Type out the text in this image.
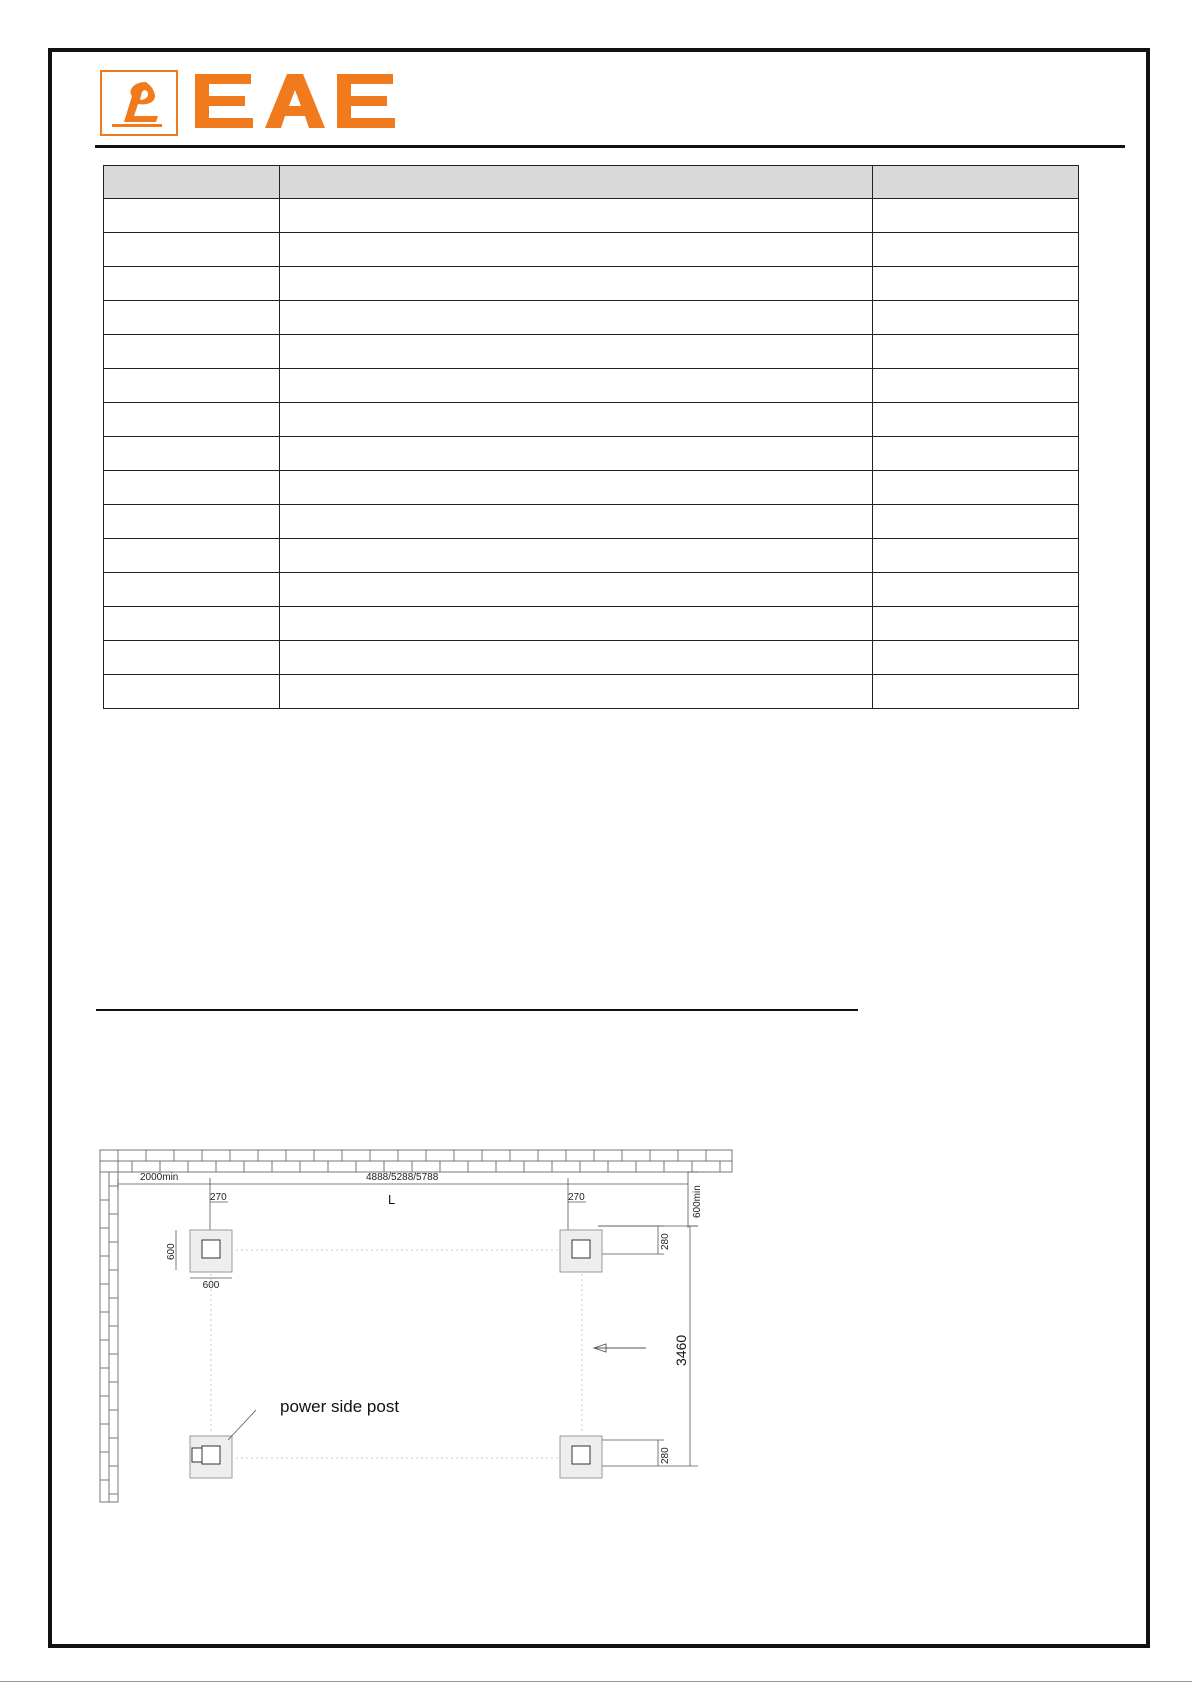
2000min	4888/5288/5788
L
270	270
600
600
600min
280
280
3460
power side post
